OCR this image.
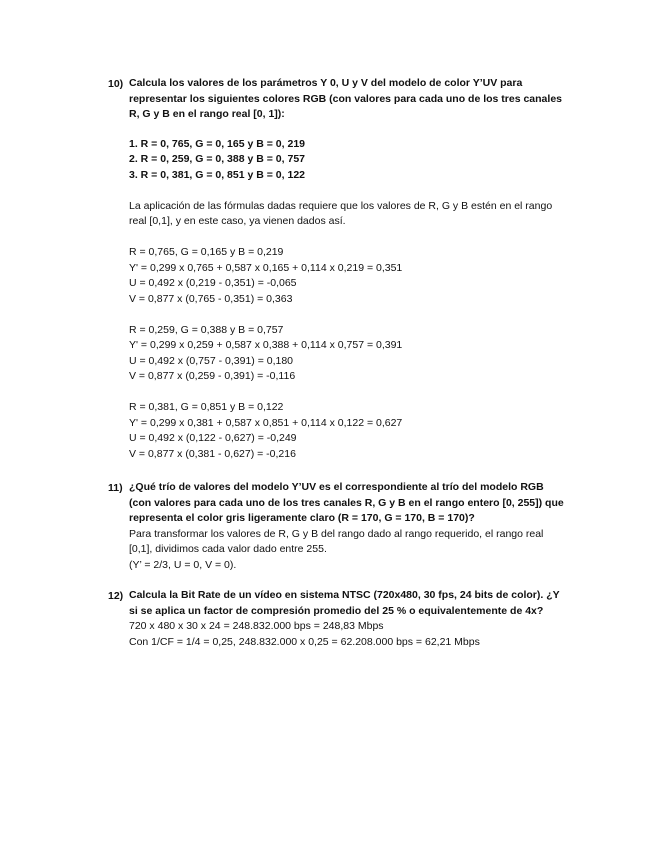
10) Calcula los valores de los parámetros Y 0, U y V del modelo de color Y’UV para representar los siguientes colores RGB (con valores para cada uno de los tres canales R, G y B en el rango real [0, 1]):

1. R = 0, 765, G = 0, 165 y B = 0, 219
2. R = 0, 259, G = 0, 388 y B = 0, 757
3. R = 0, 381, G = 0, 851 y B = 0, 122

La aplicación de las fórmulas dadas requiere que los valores de R, G y B estén en el rango real [0,1], y en este caso, ya vienen dados así.

R = 0,765, G = 0,165 y B = 0,219
Y' = 0,299 x 0,765 + 0,587 x 0,165 + 0,114 x 0,219 = 0,351
U = 0,492 x (0,219 - 0,351) = -0,065
V = 0,877 x (0,765 - 0,351) = 0,363
R = 0,259, G = 0,388 y B = 0,757
Y' = 0,299 x 0,259 + 0,587 x 0,388 + 0,114 x 0,757 = 0,391
U = 0,492 x (0,757 - 0,391) = 0,180
V = 0,877 x (0,259 - 0,391) = -0,116
R = 0,381, G = 0,851 y B = 0,122
Y' = 0,299 x 0,381 + 0,587 x 0,851 + 0,114 x 0,122 = 0,627
U = 0,492 x (0,122 - 0,627) = -0,249
V = 0,877 x (0,381 - 0,627) = -0,216
11) ¿Qué trío de valores del modelo Y’UV es el correspondiente al trío del modelo RGB (con valores para cada uno de los tres canales R, G y B en el rango entero [0, 255]) que representa el color gris ligeramente claro (R = 170, G = 170, B = 170)?

Para transformar los valores de R, G y B del rango dado al rango requerido, el rango real [0,1], dividimos cada valor dado entre 255.

(Y’ = 2/3, U = 0, V = 0).
12) Calcula la Bit Rate de un vídeo en sistema NTSC (720x480, 30 fps, 24 bits de color). ¿Y si se aplica un factor de compresión promedio del 25 % o equivalentemente de 4x?

720 x 480 x 30 x 24 = 248.832.000 bps = 248,83 Mbps
Con 1/CF = 1/4 = 0,25, 248.832.000 x 0,25 = 62.208.000 bps = 62,21 Mbps
